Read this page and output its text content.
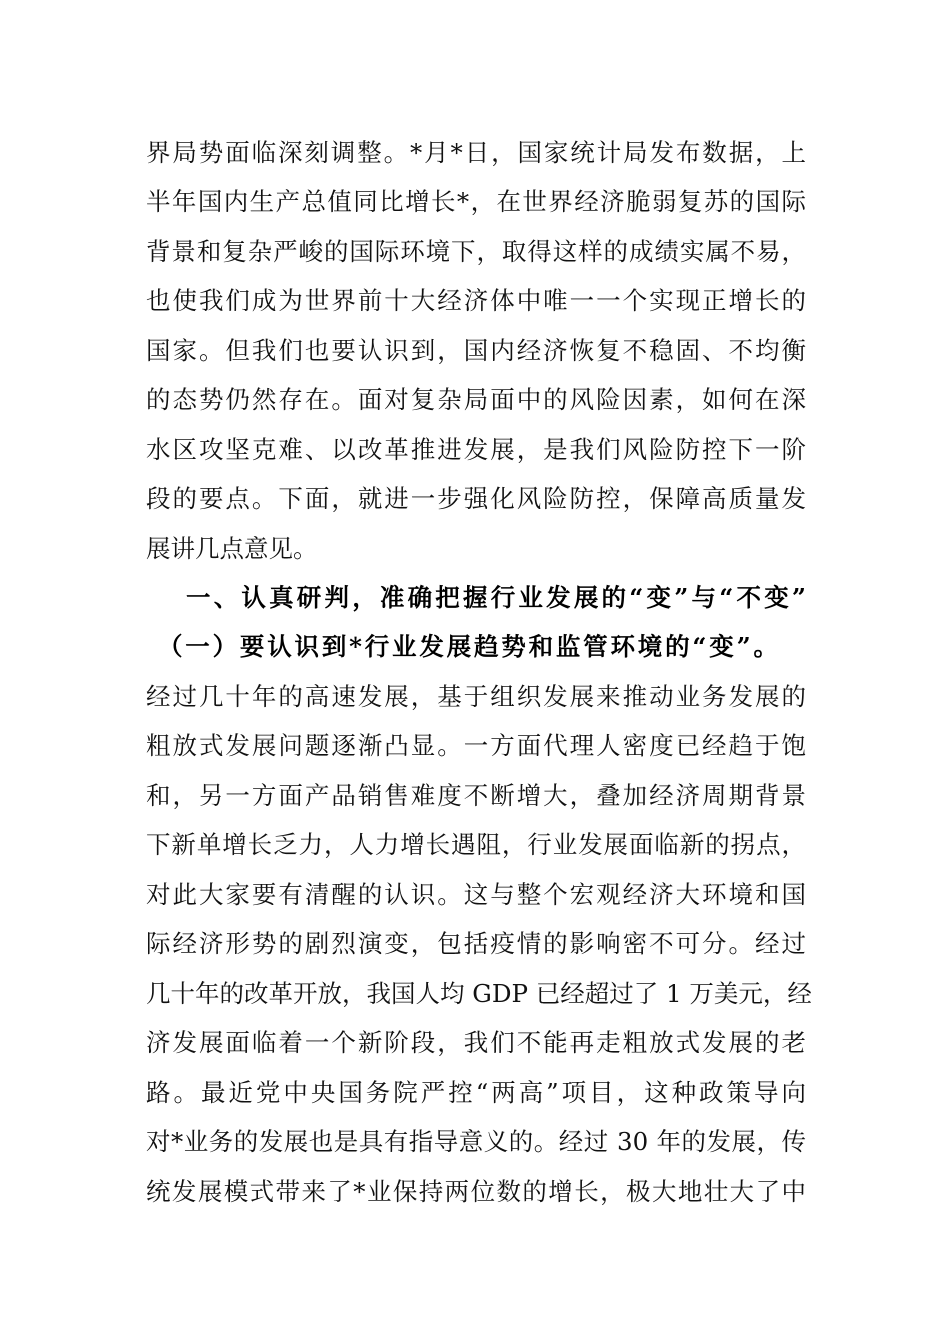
界局势面临深刻调整。*月*日，国家统计局发布数据，上
半年国内生产总值同比增长*，在世界经济脆弱复苏的国际
背景和复杂严峻的国际环境下，取得这样的成绩实属不易，
也使我们成为世界前十大经济体中唯一一个实现正增长的
国家。但我们也要认识到，国内经济恢复不稳固、不均衡
的态势仍然存在。面对复杂局面中的风险因素，如何在深
水区攻坚克难、以改革推进发展，是我们风险防控下一阶
段的要点。下面，就进一步强化风险防控，保障高质量发
展讲几点意见。
一、认真研判，准确把握行业发展的“变”与“不变”
（一）要认识到*行业发展趋势和监管环境的“变”。
经过几十年的高速发展，基于组织发展来推动业务发展的
粗放式发展问题逐渐凸显。一方面代理人密度已经趋于饱
和，另一方面产品销售难度不断增大，叠加经济周期背景
下新单增长乏力，人力增长遇阻，行业发展面临新的拐点，
对此大家要有清醒的认识。这与整个宏观经济大环境和国
际经济形势的剧烈演变，包括疫情的影响密不可分。经过
几十年的改革开放，我国人均 GDP 已经超过了 1 万美元，经
济发展面临着一个新阶段，我们不能再走粗放式发展的老
路。最近党中央国务院严控“两高”项目，这种政策导向
对*业务的发展也是具有指导意义的。经过 30 年的发展，传
统发展模式带来了*业保持两位数的增长，极大地壮大了中
